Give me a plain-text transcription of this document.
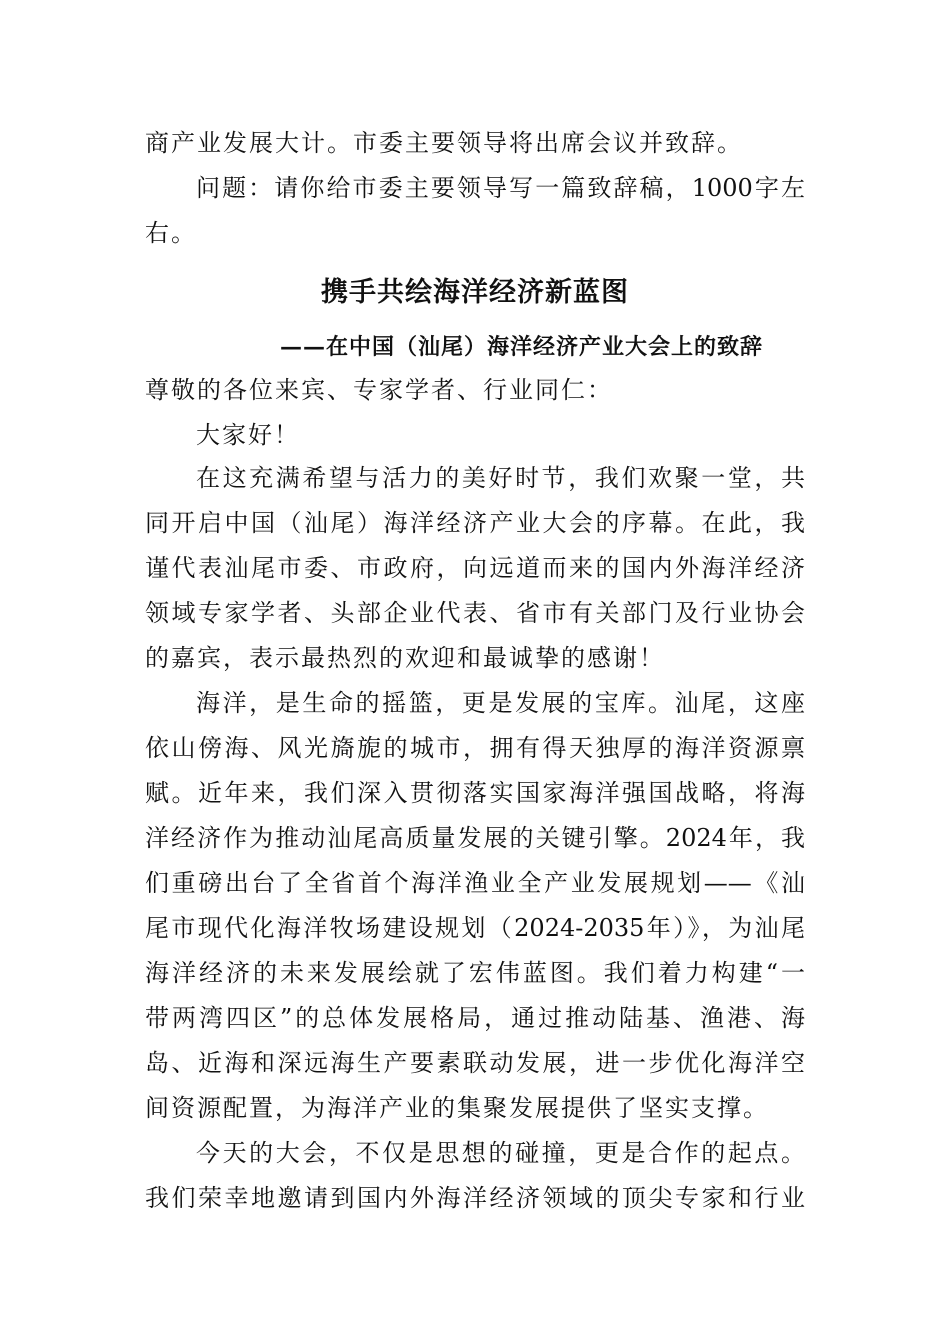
商产业发展大计。市委主要领导将出席会议并致辞。
问题：请你给市委主要领导写一篇致辞稿，1000字左
右。
携手共绘海洋经济新蓝图
——在中国（汕尾）海洋经济产业大会上的致辞
尊敬的各位来宾、专家学者、行业同仁：
大家好！
在这充满希望与活力的美好时节，我们欢聚一堂，共
同开启中国（汕尾）海洋经济产业大会的序幕。在此，我
谨代表汕尾市委、市政府，向远道而来的国内外海洋经济
领域专家学者、头部企业代表、省市有关部门及行业协会
的嘉宾，表示最热烈的欢迎和最诚挚的感谢！
海洋，是生命的摇篮，更是发展的宝库。汕尾，这座
依山傍海、风光旖旎的城市，拥有得天独厚的海洋资源禀
赋。近年来，我们深入贯彻落实国家海洋强国战略，将海
洋经济作为推动汕尾高质量发展的关键引擎。2024年，我
们重磅出台了全省首个海洋渔业全产业发展规划——《汕
尾市现代化海洋牧场建设规划（2024-2035年）》，为汕尾
海洋经济的未来发展绘就了宏伟蓝图。我们着力构建“一
带两湾四区”的总体发展格局，通过推动陆基、渔港、海
岛、近海和深远海生产要素联动发展，进一步优化海洋空
间资源配置，为海洋产业的集聚发展提供了坚实支撑。
今天的大会，不仅是思想的碰撞，更是合作的起点。
我们荣幸地邀请到国内外海洋经济领域的顶尖专家和行业
